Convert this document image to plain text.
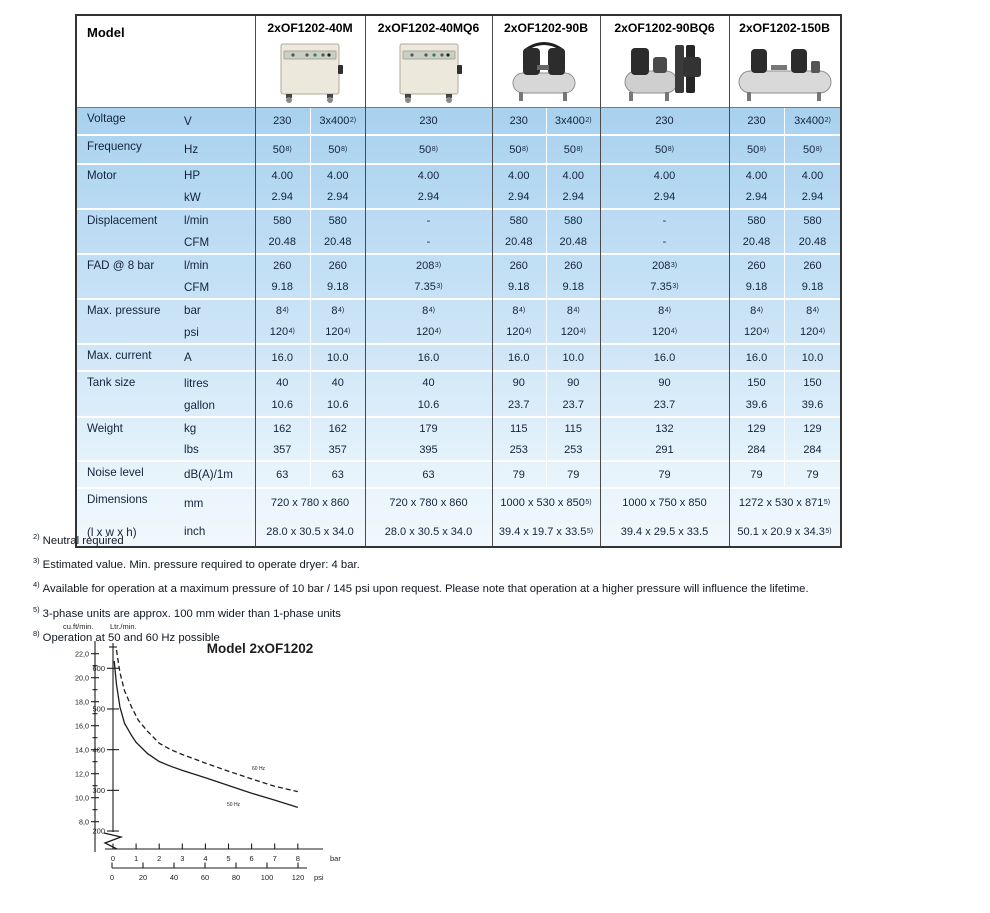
Model	2xOF1202-40M 2xOF1202-40MQ6 2xOF1202-90B 2xOF1202-90BQ6 2xOF1202-150B
Voltage	V	230	3x400 2)	230	230	3x400 2)	230	230	3x400 2)
Frequency	Hz	50 8)	50 8)	50 8)	50 8)	50 8)	50 8)	50 8)	50 8)
Motor	HP	4.00	4.00	4.00	4.00	4.00	4.00	4.00	4.00
kW	2.94	2.94	2.94	2.94	2.94	2.94	2.94	2.94
Displacement	l/min	580	580	-	580	580	-	580	580
CFM	20.48	20.48	-	20.48	20.48	-	20.48	20.48
FAD @ 8 bar	l/min	260	260	208 3)	260	260	208 3)	260	260
CFM	9.18	9.18	7.35 3)	9.18	9.18	7.35 3)	9.18	9.18
Max. pressure	bar	8 4)	8 4)	8 4)	8 4)	8 4)	8 4)	8 4)	8 4)
psi	120 4)	120 4)	120 4)	120 4)	120 4)	120 4)	120 4)	120 4)
Max. current	A	16.0	10.0	16.0	16.0	10.0	16.0	16.0	10.0
Tank size	litres	40	40	40	90	90	90	150	150
gallon	10.6	10.6	10.6	23.7	23.7	23.7	39.6	39.6
Weight	kg	162	162	179	115	115	132	129	129
lbs	357	357	395	253	253	291	284	284
Noise level	dB(A)/1m	63	63	63	79	79	79	79	79
Dimensions
(l x w x h)
mm	720 x 780 x 860	720 x 780 x 860	1000 x 530 x 850 5)	1000 x 750 x 850	1272 x 530 x 871 5)
inch	28.0 x 30.5 x 34.0	28.0 x 30.5 x 34.0	39.4 x 19.7 x 33.5 5)	39.4 x 29.5 x 33.5	50.1 x 20.9 x 34.3 5)
$^{2)}$ Neutral required
$^{3)}$ Estimated value. Min. pressure required to operate dryer: 4 bar.
$^{4)}$ Available for operation at a maximum pressure of 10 bar / 145 psi upon request. Please note that operation at a higher pressure will influence the lifetime.
$^{5)}$ 3-phase units are approx. 100 mm wider than 1-phase units
$^{8)}$ Operation at 50 and 60 Hz possible
Model 2xOF1202
cu.ft/min. Ltr./min.
22,0
20,0
18,0
16,0
14,0
12,0
10,0
8,0
600
500
400
300
200
0	1	2	3	4	5	6	7	8	bar
0	20	40	60	80	100 120 psi
60 Hz
50 Hz
